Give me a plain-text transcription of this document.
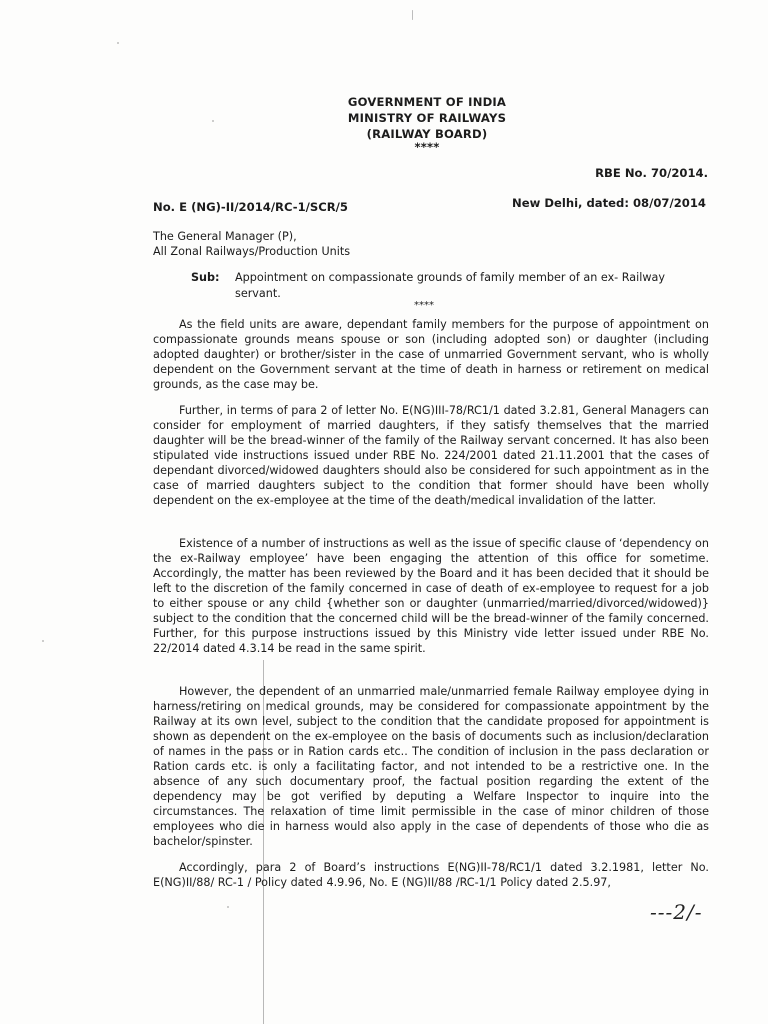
GOVERNMENT OF INDIA
MINISTRY OF RAILWAYS
(RAILWAY BOARD)
****
RBE No. 70/2014.
No. E (NG)-II/2014/RC-1/SCR/5	New Delhi, dated: 08/07/2014
The General Manager (P),
All Zonal Railways/Production Units
Sub: Appointment on compassionate grounds of family member of an ex- Railway
servant.
****

As the field units are aware, dependant family members for the purpose of appointment on compassionate grounds means spouse or son (including adopted son) or daughter (including adopted daughter) or brother/sister in the case of unmarried Government servant, who is wholly dependent on the Government servant at the time of death in harness or retirement on medical grounds, as the case may be.

Further, in terms of para 2 of letter No. E(NG)III-78/RC1/1 dated 3.2.81, General Managers can consider for employment of married daughters, if they satisfy themselves that the married daughter will be the bread-winner of the family of the Railway servant concerned. It has also been stipulated vide instructions issued under RBE No. 224/2001 dated 21.11.2001 that the cases of dependant divorced/widowed daughters should also be considered for such appointment as in the case of married daughters subject to the condition that former should have been wholly dependent on the ex-employee at the time of the death/medical invalidation of the latter.

Existence of a number of instructions as well as the issue of specific clause of ‘dependency on the ex-Railway employee’ have been engaging the attention of this office for sometime. Accordingly, the matter has been reviewed by the Board and it has been decided that it should be left to the discretion of the family concerned in case of death of ex-employee to request for a job to either spouse or any child {whether son or daughter (unmarried/married/divorced/widowed)} subject to the condition that the concerned child will be the bread-winner of the family concerned. Further, for this purpose instructions issued by this Ministry vide letter issued under RBE No. 22/2014 dated 4.3.14 be read in the same spirit.

However, the dependent of an unmarried male/unmarried female Railway employee dying in harness/retiring on medical grounds, may be considered for compassionate appointment by the Railway at its own level, subject to the condition that the candidate proposed for appointment is shown as dependent on the ex-employee on the basis of documents such as inclusion/declaration of names in the pass or in Ration cards etc.. The condition of inclusion in the pass declaration or Ration cards etc. is only a facilitating factor, and not intended to be a restrictive one. In the absence of any such documentary proof, the factual position regarding the extent of the dependency may be got verified by deputing a Welfare Inspector to inquire into the circumstances. The relaxation of time limit permissible in the case of minor children of those employees who die in harness would also apply in the case of dependents of those who die as bachelor/spinster.

Accordingly, para 2 of Board’s instructions E(NG)II-78/RC1/1 dated 3.2.1981, letter No. E(NG)II/88/ RC-1 / Policy dated 4.9.96, No. E (NG)II/88 /RC-1/1 Policy dated 2.5.97,

---2/-
